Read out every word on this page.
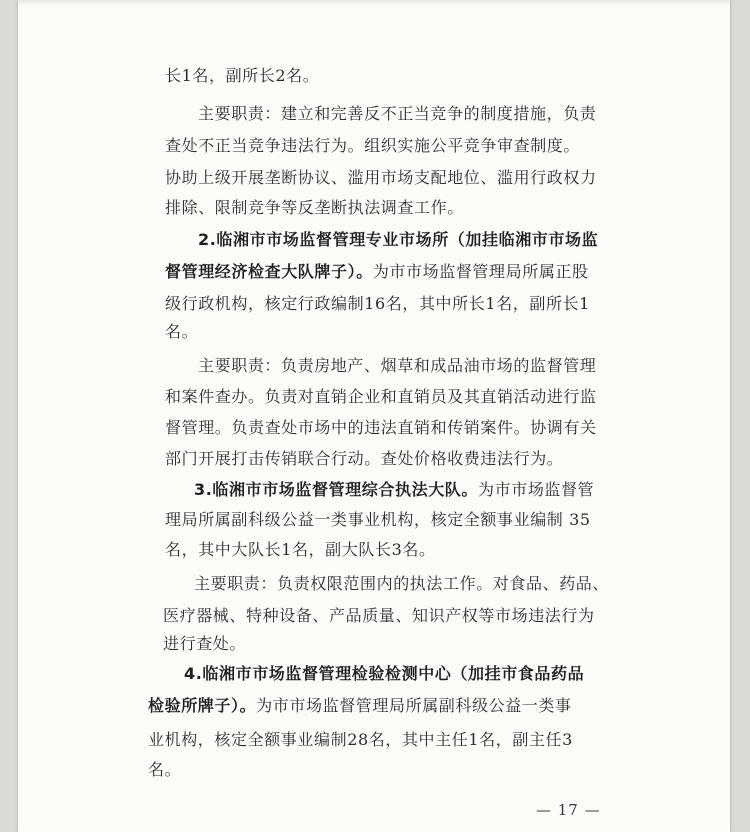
长1名，副所长2名。
主要职责：建立和完善反不正当竞争的制度措施，负责
查处不正当竞争违法行为。组织实施公平竞争审查制度。
协助上级开展垄断协议、滥用市场支配地位、滥用行政权力
排除、限制竞争等反垄断执法调查工作。
2.临湘市市场监督管理专业市场所（加挂临湘市市场监
督管理经济检查大队牌子）。为市市场监督管理局所属正股
级行政机构，核定行政编制16名，其中所长1名，副所长1
名。
主要职责：负责房地产、烟草和成品油市场的监督管理
和案件查办。负责对直销企业和直销员及其直销活动进行监
督管理。负责查处市场中的违法直销和传销案件。协调有关
部门开展打击传销联合行动。查处价格收费违法行为。
3.临湘市市场监督管理综合执法大队。为市市场监督管
理局所属副科级公益一类事业机构，核定全额事业编制 35
名，其中大队长1名，副大队长3名。
主要职责：负责权限范围内的执法工作。对食品、药品、
医疗器械、特种设备、产品质量、知识产权等市场违法行为
进行查处。
4.临湘市市场监督管理检验检测中心（加挂市食品药品
检验所牌子）。为市市场监督管理局所属副科级公益一类事
业机构，核定全额事业编制28名，其中主任1名，副主任3
名。
— 17 —
